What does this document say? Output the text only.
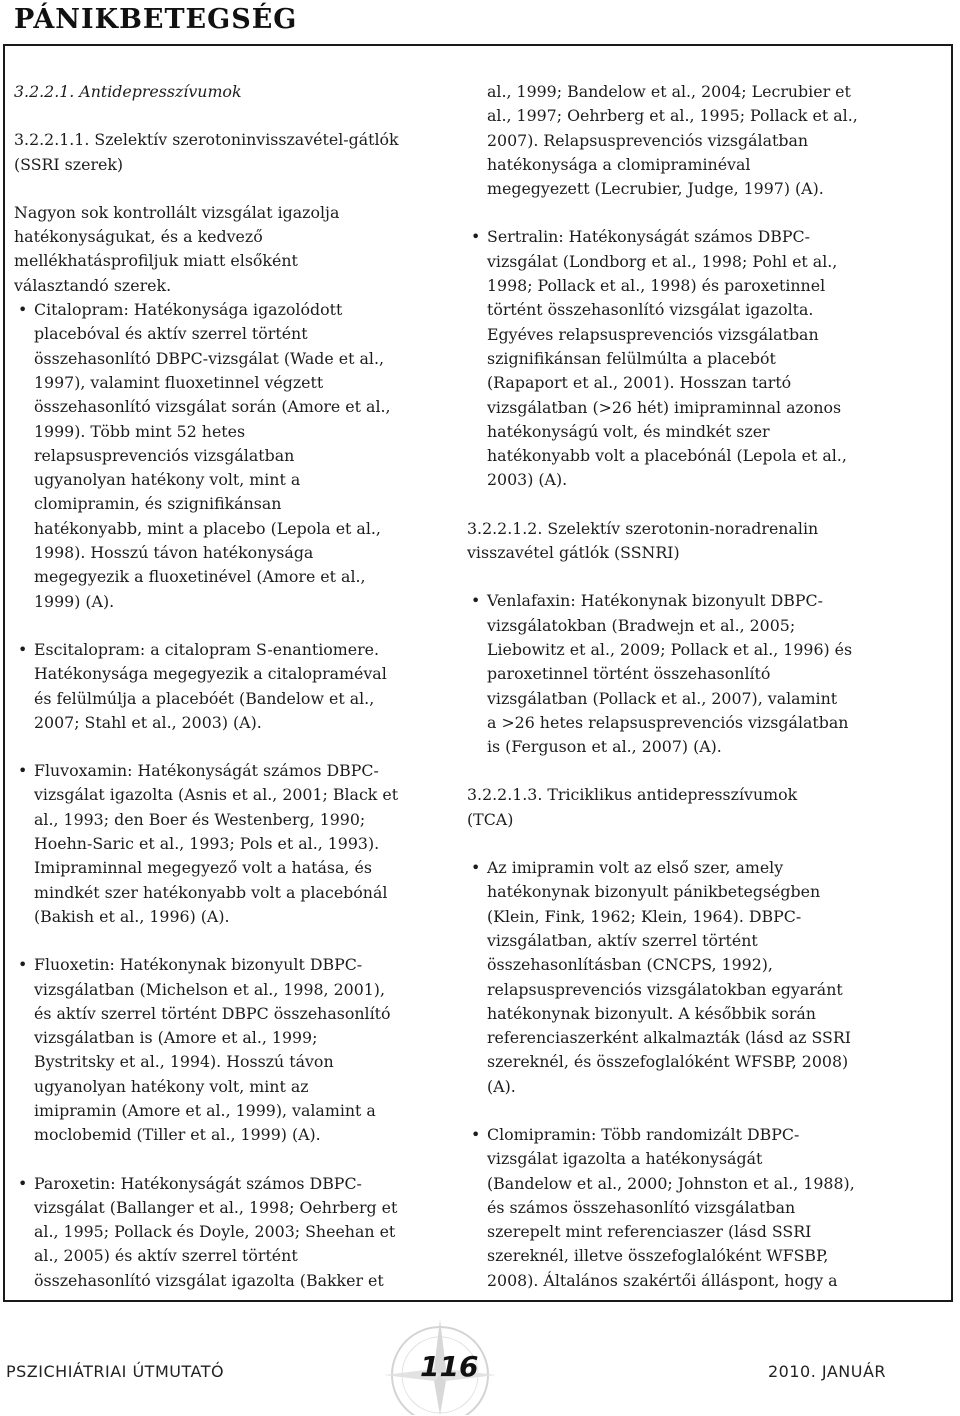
PÁNIKBETEGSÉG

3.2.2.1. Antidepresszívumok

3.2.2.1.1. Szelektív szerotoninvisszavétel-gátlók

(SSRI szerek)

Nagyon sok kontrollált vizsgálat igazolja

hatékonyságukat, és a kedvező

mellékhatásprofiljuk miatt elsőként

választandó szerek.

• Citalopram: Hatékonysága igazolódott

placebóval és aktív szerrel történt

összehasonlító DBPC-vizsgálat (Wade et al.,

1997), valamint fluoxetinnel végzett

összehasonlító vizsgálat során (Amore et al.,

1999). Több mint 52 hetes

relapsusprevenciós vizsgálatban

ugyanolyan hatékony volt, mint a

clomipramin, és szignifikánsan

hatékonyabb, mint a placebo (Lepola et al.,

1998). Hosszú távon hatékonysága

megegyezik a fluoxetinével (Amore et al.,

1999) (A).

• Escitalopram: a citalopram S-enantiomere.

Hatékonysága megegyezik a citalopraméval

és felülmúlja a placebóét (Bandelow et al.,

2007; Stahl et al., 2003) (A).

• Fluvoxamin: Hatékonyságát számos DBPC-

vizsgálat igazolta (Asnis et al., 2001; Black et

al., 1993; den Boer és Westenberg, 1990;

Hoehn-Saric et al., 1993; Pols et al., 1993).

Imipraminnal megegyező volt a hatása, és

mindkét szer hatékonyabb volt a placebónál

(Bakish et al., 1996) (A).

• Fluoxetin: Hatékonynak bizonyult DBPC-

vizsgálatban (Michelson et al., 1998, 2001),

és aktív szerrel történt DBPC összehasonlító

vizsgálatban is (Amore et al., 1999;

Bystritsky et al., 1994). Hosszú távon

ugyanolyan hatékony volt, mint az

imipramin (Amore et al., 1999), valamint a

moclobemid (Tiller et al., 1999) (A).

• Paroxetin: Hatékonyságát számos DBPC-

vizsgálat (Ballanger et al., 1998; Oehrberg et

al., 1995; Pollack és Doyle, 2003; Sheehan et

al., 2005) és aktív szerrel történt

összehasonlító vizsgálat igazolta (Bakker et

al., 1999; Bandelow et al., 2004; Lecrubier et

al., 1997; Oehrberg et al., 1995; Pollack et al.,

2007). Relapsusprevenciós vizsgálatban

hatékonysága a clomipraminéval

megegyezett (Lecrubier, Judge, 1997) (A).

• Sertralin: Hatékonyságát számos DBPC-

vizsgálat (Londborg et al., 1998; Pohl et al.,

1998; Pollack et al., 1998) és paroxetinnel

történt összehasonlító vizsgálat igazolta.

Egyéves relapsusprevenciós vizsgálatban

szignifikánsan felülmúlta a placebót

(Rapaport et al., 2001). Hosszan tartó

vizsgálatban (>26 hét) imipraminnal azonos

hatékonyságú volt, és mindkét szer

hatékonyabb volt a placebónál (Lepola et al.,

2003) (A).

3.2.2.1.2. Szelektív szerotonin-noradrenalin

visszavétel gátlók (SSNRI)

• Venlafaxin: Hatékonynak bizonyult DBPC-

vizsgálatokban (Bradwejn et al., 2005;

Liebowitz et al., 2009; Pollack et al., 1996) és

paroxetinnel történt összehasonlító

vizsgálatban (Pollack et al., 2007), valamint

a >26 hetes relapsusprevenciós vizsgálatban

is (Ferguson et al., 2007) (A).

3.2.2.1.3. Triciklikus antidepresszívumok

(TCA)

• Az imipramin volt az első szer, amely

hatékonynak bizonyult pánikbetegségben

(Klein, Fink, 1962; Klein, 1964). DBPC-

vizsgálatban, aktív szerrel történt

összehasonlításban (CNCPS, 1992),

relapsusprevenciós vizsgálatokban egyaránt

hatékonynak bizonyult. A későbbik során

referenciaszerként alkalmazták (lásd az SSRI

szereknél, és összefoglalóként WFSBP, 2008)

(A).

• Clomipramin: Több randomizált DBPC-

vizsgálat igazolta a hatékonyságát

(Bandelow et al., 2000; Johnston et al., 1988),

és számos összehasonlító vizsgálatban

szerepelt mint referenciaszer (lásd SSRI

szereknél, illetve összefoglalóként WFSBP,

2008). Általános szakértői álláspont, hogy a

PSZICHIÁTRIAI ÚTMUTATÓ	116	2010. JANUÁR
